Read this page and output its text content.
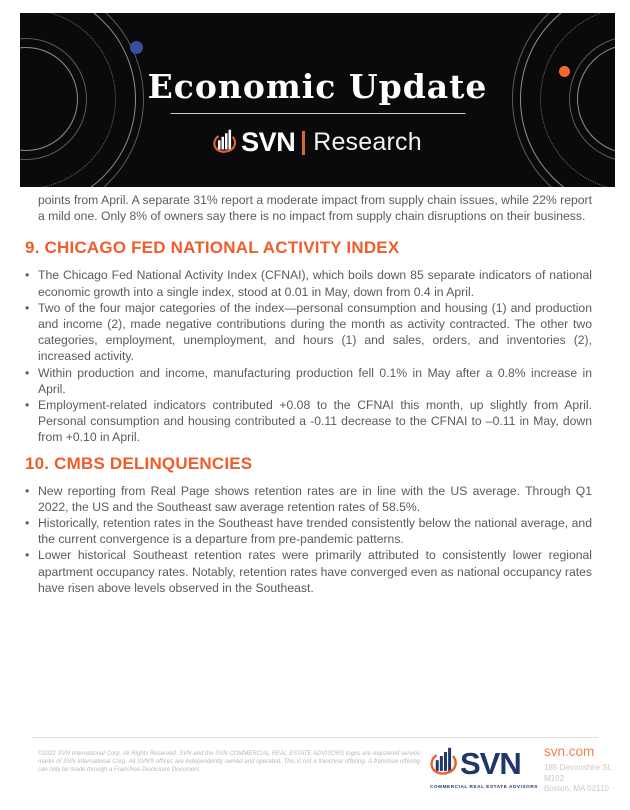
Economic Update
SVN Research

points from April. A separate 31% report a moderate impact from supply chain issues, while 22% report a mild one. Only 8% of owners say there is no impact from supply chain disruptions on their business.

9. CHICAGO FED NATIONAL ACTIVITY INDEX
• The Chicago Fed National Activity Index (CFNAI), which boils down 85 separate indicators of national economic growth into a single index, stood at 0.01 in May, down from 0.4 in April.
• Two of the four major categories of the index—personal consumption and housing (1) and production and income (2), made negative contributions during the month as activity contracted. The other two categories, employment, unemployment, and hours (1) and sales, orders, and inventories (2), increased activity.
• Within production and income, manufacturing production fell 0.1% in May after a 0.8% increase in April.
• Employment-related indicators contributed +0.08 to the CFNAI this month, up slightly from April. Personal consumption and housing contributed a -0.11 decrease to the CFNAI to –0.11 in May, down from +0.10 in April.
10. CMBS DELINQUENCIES
• New reporting from Real Page shows retention rates are in line with the US average. Through Q1 2022, the US and the Southeast saw average retention rates of 58.5%.
• Historically, retention rates in the Southeast have trended consistently below the national average, and the current convergence is a departure from pre-pandemic patterns.
• Lower historical Southeast retention rates were primarily attributed to consistently lower regional apartment occupancy rates. Notably, retention rates have converged even as national occupancy rates have risen above levels observed in the Southeast.

©2022 SVN International Corp. All Rights Reserved. SVN and the SVN COMMERCIAL REAL ESTATE ADVISORS logos are registered service marks of SVN International Corp. All SVN® offices are independently owned and operated. This is not a franchise offering. A franchise offering can only be made through a Franchise Disclosure Document.	SVN
COMMERCIAL REAL ESTATE ADVISORS
svn.com
185 Devonshire St, M102
Boston, MA 02110
